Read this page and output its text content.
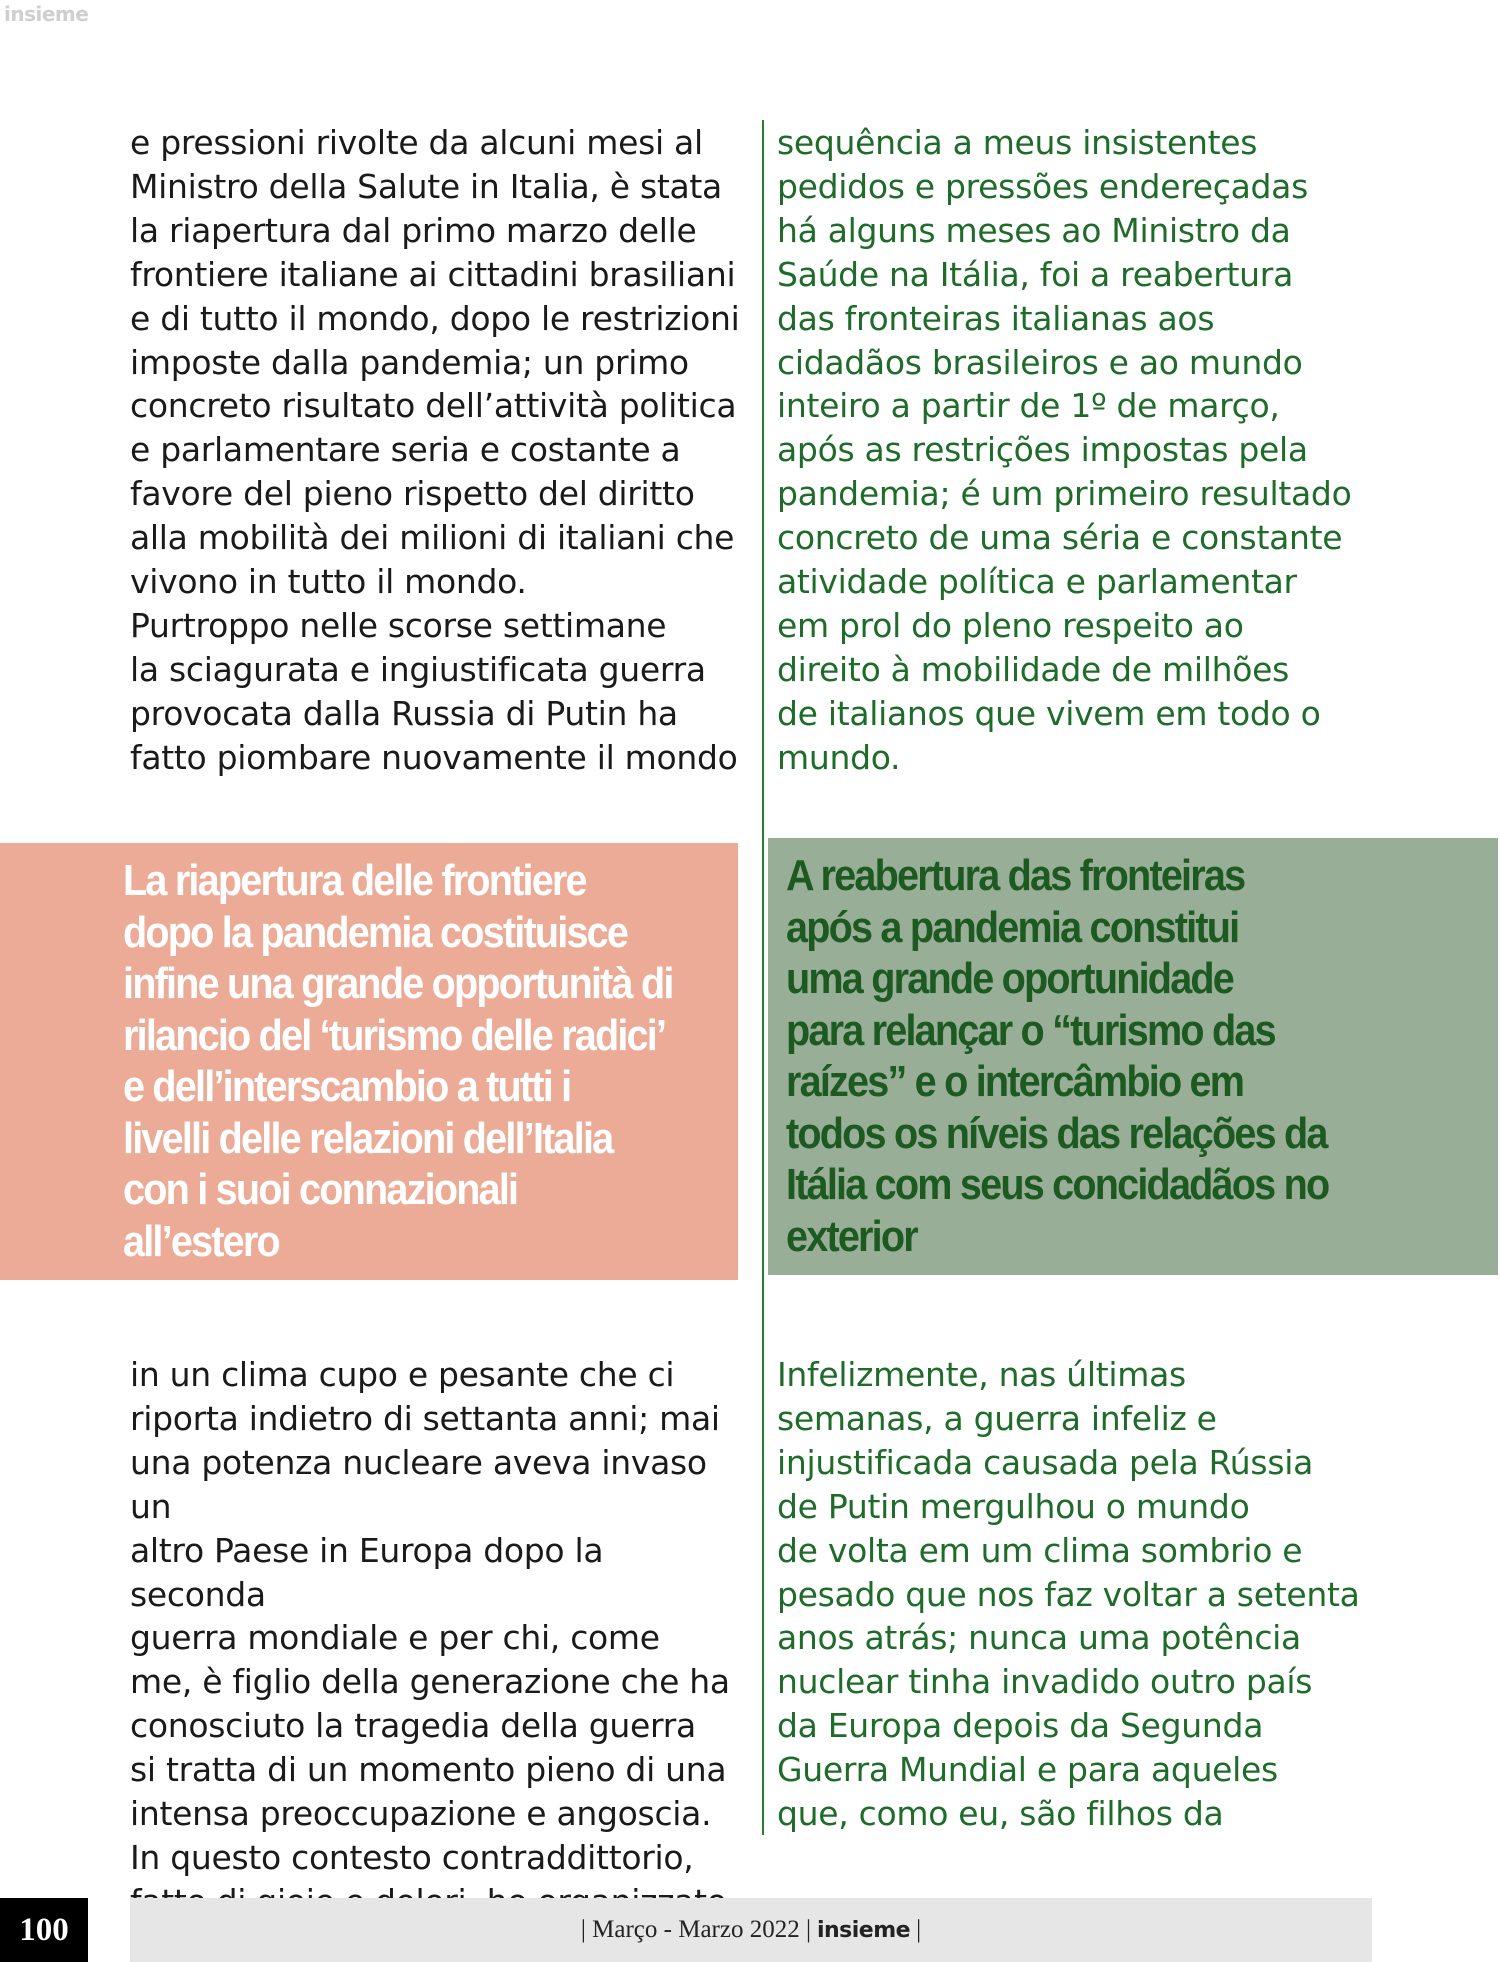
insieme

e pressioni rivolte da alcuni mesi al
Ministro della Salute in Italia, è stata
la riapertura dal primo marzo delle
frontiere italiane ai cittadini brasiliani
e di tutto il mondo, dopo le restrizioni
imposte dalla pandemia; un primo
concreto risultato dell’attività politica
e parlamentare seria e costante a
favore del pieno rispetto del diritto
alla mobilità dei milioni di italiani che
vivono in tutto il mondo.
Purtroppo nelle scorse settimane
la sciagurata e ingiustificata guerra
provocata dalla Russia di Putin ha
fatto piombare nuovamente il mondo

sequência a meus insistentes
pedidos e pressões endereçadas
há alguns meses ao Ministro da
Saúde na Itália, foi a reabertura
das fronteiras italianas aos
cidadãos brasileiros e ao mundo
inteiro a partir de 1º de março,
após as restrições impostas pela
pandemia; é um primeiro resultado
concreto de uma séria e constante
atividade política e parlamentar
em prol do pleno respeito ao
direito à mobilidade de milhões
de italianos que vivem em todo o
mundo.

La riapertura delle frontiere
dopo la pandemia costituisce
infine una grande opportunità di
rilancio del ‘turismo delle radici’
e dell’interscambio a tutti i
livelli delle relazioni dell’Italia
con i suoi connazionali
all’estero

A reabertura das fronteiras
após a pandemia constitui
uma grande oportunidade
para relançar o “turismo das
raízes” e o intercâmbio em
todos os níveis das relações da
Itália com seus concidadãos no
exterior

in un clima cupo e pesante che ci
riporta indietro di settanta anni; mai
una potenza nucleare aveva invaso un
altro Paese in Europa dopo la seconda
guerra mondiale e per chi, come
me, è figlio della generazione che ha
conosciuto la tragedia della guerra
si tratta di un momento pieno di una
intensa preoccupazione e angoscia.
In questo contesto contraddittorio,

Infelizmente, nas últimas
semanas, a guerra infeliz e
injustificada causada pela Rússia
de Putin mergulhou o mundo
de volta em um clima sombrio e
pesado que nos faz voltar a setenta
anos atrás; nunca uma potência
nuclear tinha invadido outro país
da Europa depois da Segunda
Guerra Mundial e para aqueles
que, como eu, são filhos da

100	| Março - Marzo 2022 | insieme |
